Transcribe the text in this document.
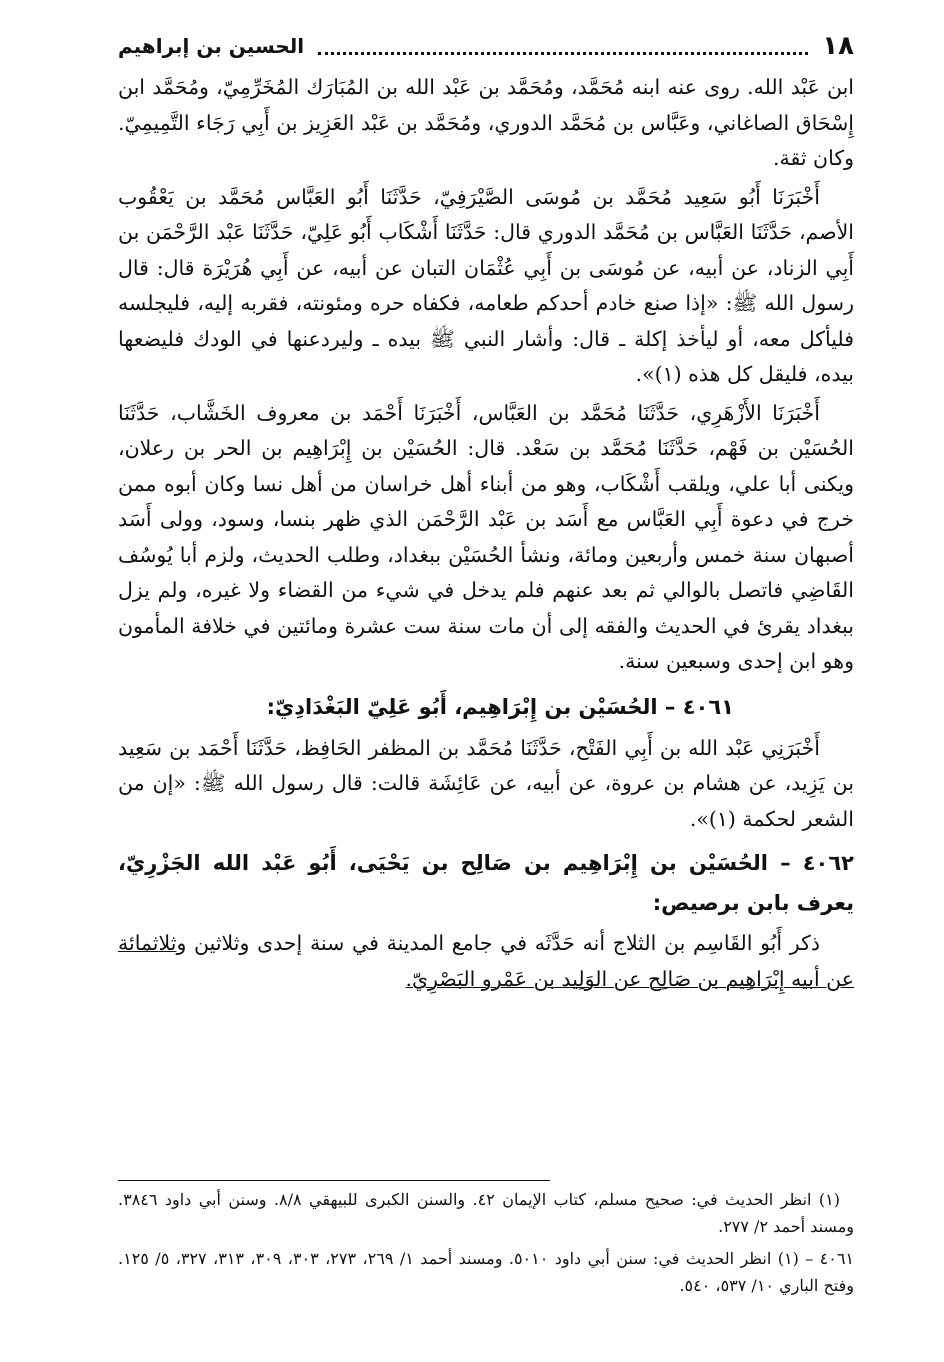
١٨
الحسين بن إبراهيم

ابن عَبْد الله. روى عنه ابنه مُحَمَّد، ومُحَمَّد بن عَبْد الله بن المُبَارَك المُخَرِّمِيّ، ومُحَمَّد ابن إِسْحَاق الصاغاني، وعَبَّاس بن مُحَمَّد الدوري، ومُحَمَّد بن عَبْد العَزِيز بن أَبِي رَجَاء التَّمِيمِيّ. وكان ثقة.

أَخْبَرَنَا أَبُو سَعِيد مُحَمَّد بن مُوسَى الصَّيْرَفِيّ، حَدَّثَنَا أَبُو العَبَّاس مُحَمَّد بن يَعْقُوب الأصم، حَدَّثَنَا العَبَّاس بن مُحَمَّد الدوري قال: حَدَّثَنَا أَشْكَاب أَبُو عَلِيّ، حَدَّثَنَا عَبْد الرَّحْمَن بن أَبِي الزناد، عن أبيه، عن مُوسَى بن أَبِي عُثْمَان التبان عن أبيه، عن أَبِي هُرَيْرَة قال: قال رسول الله ﷺ: «إذا صنع خادم أحدكم طعامه، فكفاه حره ومئونته، فقربه إليه، فليجلسه فليأكل معه، أو ليأخذ إكلة ـ قال: وأشار النبي ﷺ بيده ـ وليردعنها في الودك فليضعها بيده، فليقل كل هذه (١)».

أَخْبَرَنَا الأَزْهَرِي، حَدَّثَنَا مُحَمَّد بن العَبَّاس، أَخْبَرَنَا أَحْمَد بن معروف الخَشَّاب، حَدَّثَنَا الحُسَيْن بن فَهْم، حَدَّثَنَا مُحَمَّد بن سَعْد. قال: الحُسَيْن بن إِبْرَاهِيم بن الحر بن رعلان، ويكنى أبا علي، ويلقب أَشْكَاب، وهو من أبناء أهل خراسان من أهل نسا وكان أبوه ممن خرج في دعوة أَبِي العَبَّاس مع أَسَد بن عَبْد الرَّحْمَن الذي ظهر بنسا، وسود، وولى أَسَد أصبهان سنة خمس وأربعين ومائة، ونشأ الحُسَيْن ببغداد، وطلب الحديث، ولزم أبا يُوسُف القَاضِي فاتصل بالوالي ثم بعد عنهم فلم يدخل في شيء من القضاء ولا غيره، ولم يزل ببغداد يقرئ في الحديث والفقه إلى أن مات سنة ست عشرة ومائتين في خلافة المأمون وهو ابن إحدى وسبعين سنة.

٤٠٦١ – الحُسَيْن بن إِبْرَاهِيم، أَبُو عَلِيّ البَغْدَادِيّ:

أَخْبَرَنِي عَبْد الله بن أَبِي الفَتْح، حَدَّثَنَا مُحَمَّد بن المظفر الحَافِظ، حَدَّثَنَا أَحْمَد بن سَعِيد بن يَزِيد، عن هشام بن عروة، عن أبيه، عن عَائِشَة قالت: قال رسول الله ﷺ: «إن من الشعر لحكمة (١)».

٤٠٦٢ – الحُسَيْن بن إِبْرَاهِيم بن صَالِح بن يَحْيَى، أَبُو عَبْد الله الجَزْرِيّ، يعرف بابن برصيص:

ذكر أَبُو القَاسِم بن الثلاج أنه حَدَّثَه في جامع المدينة في سنة إحدى وثلاثين وثلاثمائة عن أبيه إِبْرَاهِيم بن صَالِح عن الوَلِيد بن عَمْرو البَصْرِيّ.

(١) انظر الحديث في: صحيح مسلم، كتاب الإيمان ٤٢. والسنن الكبرى للبيهقي ٨/٨. وسنن أبي داود ٣٨٤٦. ومسند أحمد ٢/ ٢٧٧.

٤٠٦١ – (١) انظر الحديث في: سنن أبي داود ٥٠١٠. ومسند أحمد ١/ ٢٦٩، ٢٧٣، ٣٠٣، ٣٠٩، ٣١٣، ٣٢٧، ٥/ ١٢٥. وفتح الباري ١٠/ ٥٣٧، ٥٤٠.
